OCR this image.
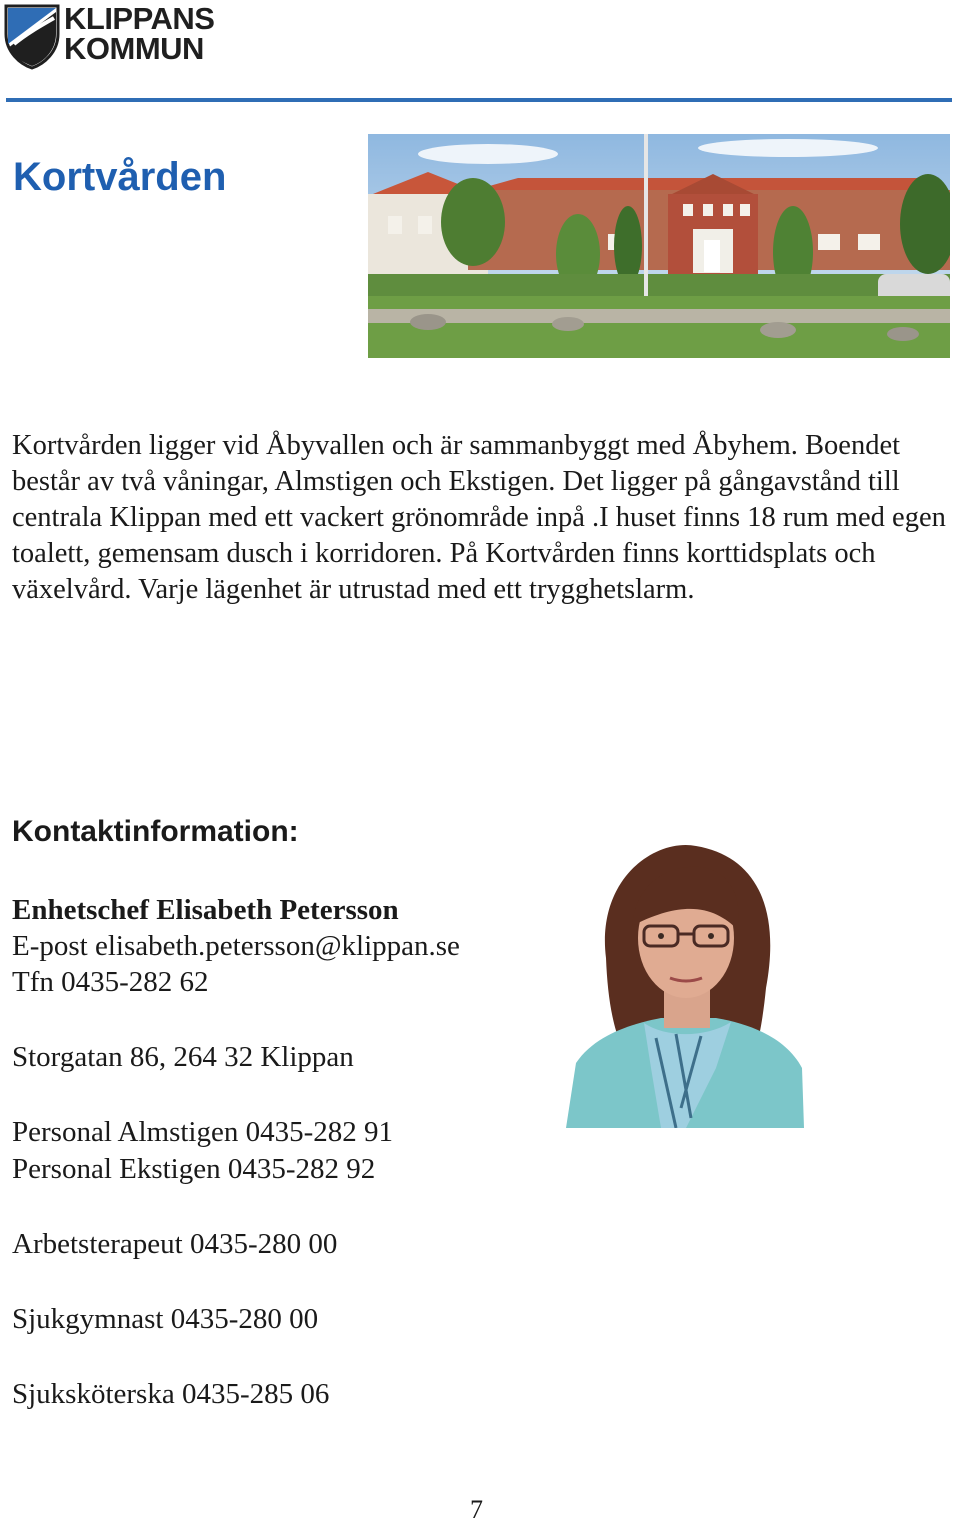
KLIPPANS
KOMMUN
Kortvården

Kortvården ligger vid Åbyvallen och är sammanbyggt med Åbyhem. Boendet består av två våningar, Almstigen och Ekstigen. Det ligger på gångavstånd till centrala Klippan med ett vackert grönområde inpå .I huset finns 18 rum med egen toalett, gemensam dusch i korridoren. På Kortvården finns korttidsplats och växelvård. Varje lägenhet är utrustad med ett trygghetslarm.

Kontaktinformation:
Enhetschef Elisabeth Petersson
E-post elisabeth.petersson@klippan.se
Tfn 0435-282 62
Storgatan 86, 264 32 Klippan
Personal Almstigen 0435-282 91
Personal Ekstigen 0435-282 92
Arbetsterapeut 0435-280 00
Sjukgymnast 0435-280 00
Sjuksköterska 0435-285 06
7
